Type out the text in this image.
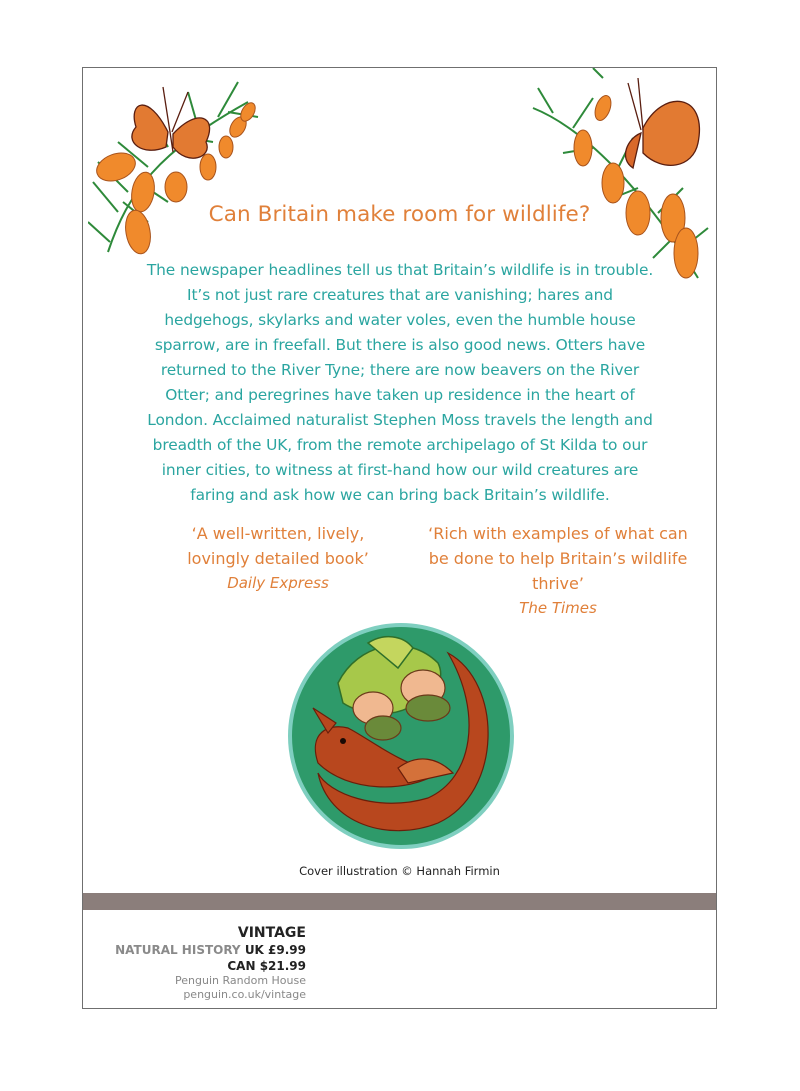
Can Britain make room for wildlife?
The newspaper headlines tell us that Britain’s wildlife is in trouble. It’s not just rare creatures that are vanishing; hares and hedgehogs, skylarks and water voles, even the humble house sparrow, are in freefall. But there is also good news. Otters have returned to the River Tyne; there are now beavers on the River Otter; and peregrines have taken up residence in the heart of London. Acclaimed naturalist Stephen Moss travels the length and breadth of the UK, from the remote archipelago of St Kilda to our inner cities, to witness at first-hand how our wild creatures are faring and ask how we can bring back Britain’s wildlife.
‘A well-written, lively, lovingly detailed book’
Daily Express
‘Rich with examples of what can be done to help Britain’s wildlife thrive’
The Times
Cover illustration © Hannah Firmin
VINTAGE
NATURAL HISTORY UK £9.99
CAN $21.99
Penguin Random House
penguin.co.uk/vintage
